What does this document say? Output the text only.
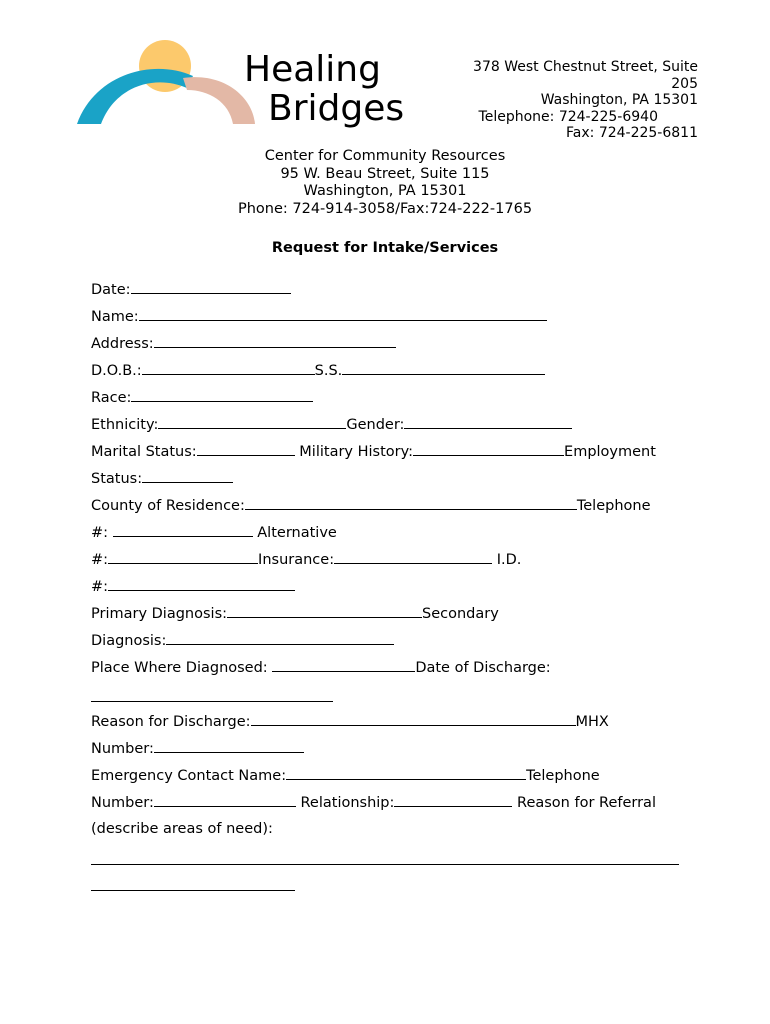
Healing
Bridges
378 West Chestnut Street, Suite
205
Washington, PA 15301
Telephone: 724-225-6940
Fax: 724-225-6811
Center for Community Resources
95 W. Beau Street, Suite 115
Washington, PA 15301
Phone: 724-914-3058/Fax:724-222-1765
Request for Intake/Services
Date:
Name:
Address:
D.O.B.:	S.S.
Race:
Ethnicity:	Gender:
Marital Status:	Military History:	Employment
Status:
County of Residence:	Telephone
#:	Alternative
#:	Insurance:	I.D.
#:
Primary Diagnosis:	Secondary
Diagnosis:
Place Where Diagnosed:	Date of Discharge:
Reason for Discharge:	MHX
Number:
Emergency Contact Name:	Telephone
Number:	Relationship:	Reason for Referral
(describe areas of need):
